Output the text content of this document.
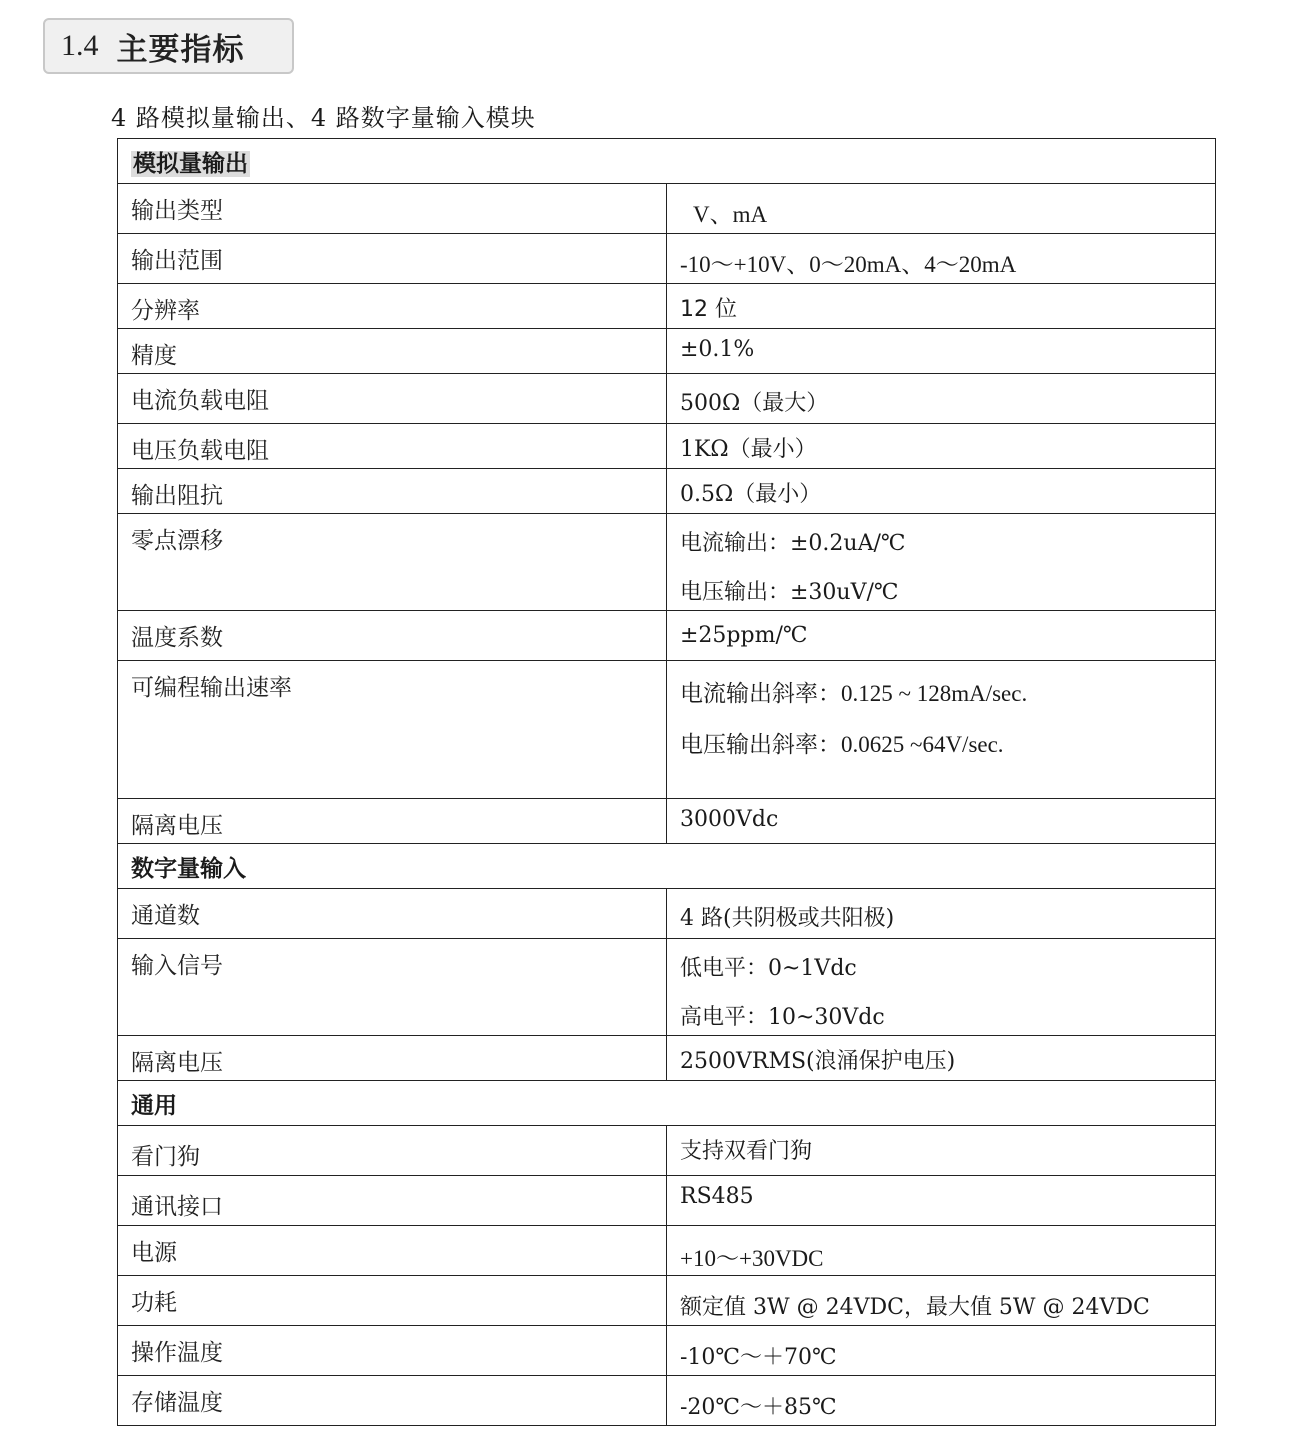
1.4 主要指标
4 路模拟量输出、4 路数字量输入模块
模拟量输出	
输出类型	V、mA

输出范围	-10～+10V、0～20mA、4～20mA

分辨率	12 位

精度	±0.1%

电流负载电阻	500Ω（最大）

电压负载电阻	1KΩ（最小）

输出阻抗	0.5Ω（最小）

零点漂移	电流输出：±0.2uA/℃
电压输出：±30uV/℃

温度系数	±25ppm/℃

可编程输出速率	电流输出斜率：0.125 ~ 128mA/sec.
电压输出斜率：0.0625 ~64V/sec.

隔离电压	3000Vdc

数字量输入	
通道数	4 路(共阴极或共阳极)

输入信号	低电平：0~1Vdc
高电平：10~30Vdc

隔离电压	2500VRMS(浪涌保护电压)

通用	
看门狗	支持双看门狗

通讯接口	RS485

电源	+10～+30VDC

功耗	额定值 3W @ 24VDC，最大值 5W @ 24VDC

操作温度	-10℃～＋70℃

存储温度	-20℃～＋85℃
